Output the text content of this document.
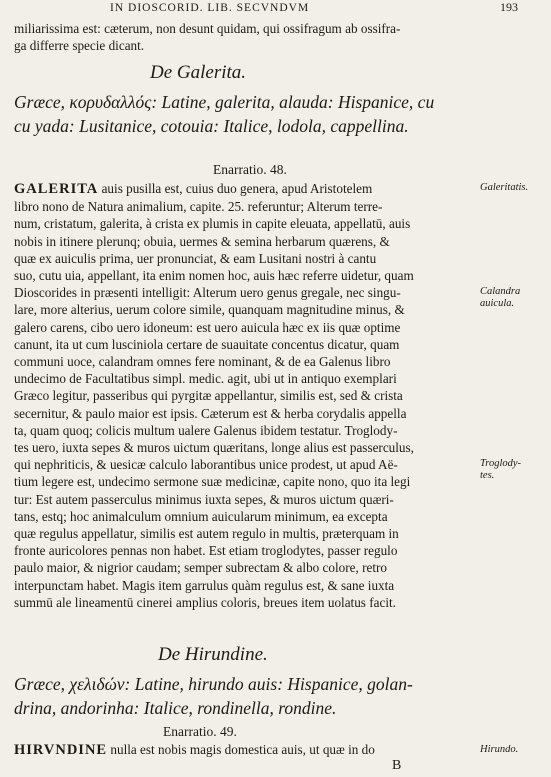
IN DIOSCORID. LIB. SECVNDVM	193

miliarissima est: cæterum, non desunt quidam, qui ossifragum ab ossifra-

ga differre specie dicant.

De Galerita.
Græce, κορυδαλλός: Latine, galerita, alauda: Hispanice, cu
cu yada: Lusitanice, cotouia: Italice, lodola, cappellina.
Enarratio. 48.

GALERITA auis pusilla est, cuius duo genera, apud Aristotelem

libro nono de Natura animalium, capite. 25. referuntur; Alterum terre-

num, cristatum, galerita, à crista ex plumis in capite eleuata, appellatū, auis

nobis in itinere plerunq; obuia, uermes & semina herbarum quærens, &

quæ ex auiculis prima, uer pronunciat, & eam Lusitani nostri à cantu

suo, cutu uia, appellant, ita enim nomen hoc, auis hæc referre uidetur, quam

Dioscorides in præsenti intelligit: Alterum uero genus gregale, nec singu-

lare, more alterius, uerum colore simile, quanquam magnitudine minus, &

galero carens, cibo uero idoneum: est uero auicula hæc ex iis quæ optime

canunt, ita ut cum lusciniola certare de suauitate concentus dicatur, quam

communi uoce, calandram omnes fere nominant, & de ea Galenus libro

undecimo de Facultatibus simpl. medic. agit, ubi ut in antiquo exemplari

Græco legitur, passeribus qui pyrgitæ appellantur, similis est, sed & crista

secernitur, & paulo maior est ipsis. Cæterum est & herba corydalis appella

ta, quam quoq; colicis multum ualere Galenus ibidem testatur. Troglody-

tes uero, iuxta sepes & muros uictum quæritans, longe alius est passerculus,

qui nephriticis, & uesicæ calculo laborantibus unice prodest, ut apud Aë-

tium legere est, undecimo sermone suæ medicinæ, capite nono, quo ita legi

tur: Est autem passerculus minimus iuxta sepes, & muros uictum quæri-

tans, estq; hoc animalculum omnium auicularum minimum, ea excepta

quæ regulus appellatur, similis est autem regulo in multis, præterquam in

fronte auricolores pennas non habet. Est etiam troglodytes, passer regulo

paulo maior, & nigrior caudam; semper subrectam & albo colore, retro

interpunctam habet. Magis item garrulus quàm regulus est, & sane iuxta

summū ale lineamentū cinerei amplius coloris, breues item uolatus facit.

De Hirundine.
Græce, χελιδών: Latine, hirundo auis: Hispanice, golan-
drina, andorinha: Italice, rondinella, rondine.
Enarratio. 49.

HIRVNDINE nulla est nobis magis domestica auis, ut quæ in do

Galeritatis.
Calandra auicula.
Troglody- tes.
Hirundo.
B
